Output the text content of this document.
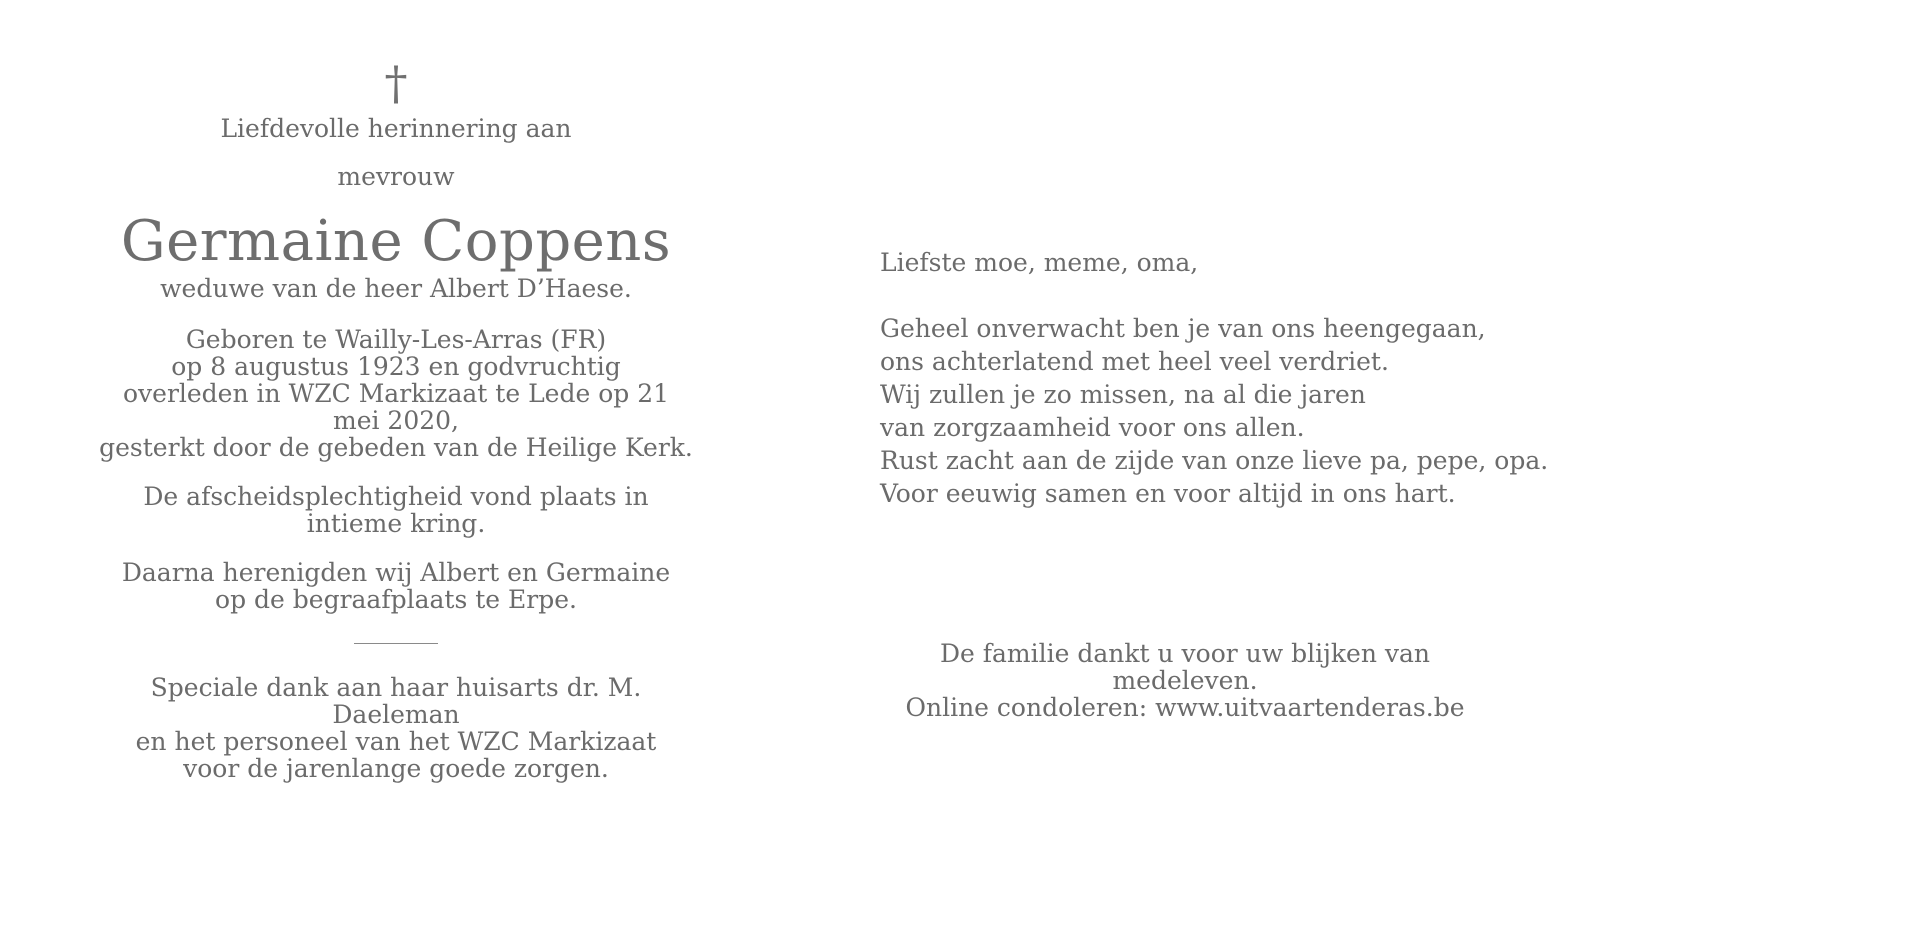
†
Liefdevolle herinnering aan
mevrouw
Germaine Coppens
weduwe van de heer Albert D’Haese.
Geboren te Wailly-Les-Arras (FR)
op 8 augustus 1923 en godvruchtig
overleden in WZC Markizaat te Lede op 21 mei 2020,
gesterkt door de gebeden van de Heilige Kerk.
De afscheidsplechtigheid vond plaats in intieme kring.
Daarna herenigden wij Albert en Germaine
op de begraafplaats te Erpe.
Speciale dank aan haar huisarts dr. M. Daeleman
en het personeel van het WZC Markizaat
voor de jarenlange goede zorgen.
Liefste moe, meme, oma,
Geheel onverwacht ben je van ons heengegaan,
ons achterlatend met heel veel verdriet.
Wij zullen je zo missen, na al die jaren
van zorgzaamheid voor ons allen.
Rust zacht aan de zijde van onze lieve pa, pepe, opa.
Voor eeuwig samen en voor altijd in ons hart.
De familie dankt u voor uw blijken van medeleven.
Online condoleren: www.uitvaartenderas.be
